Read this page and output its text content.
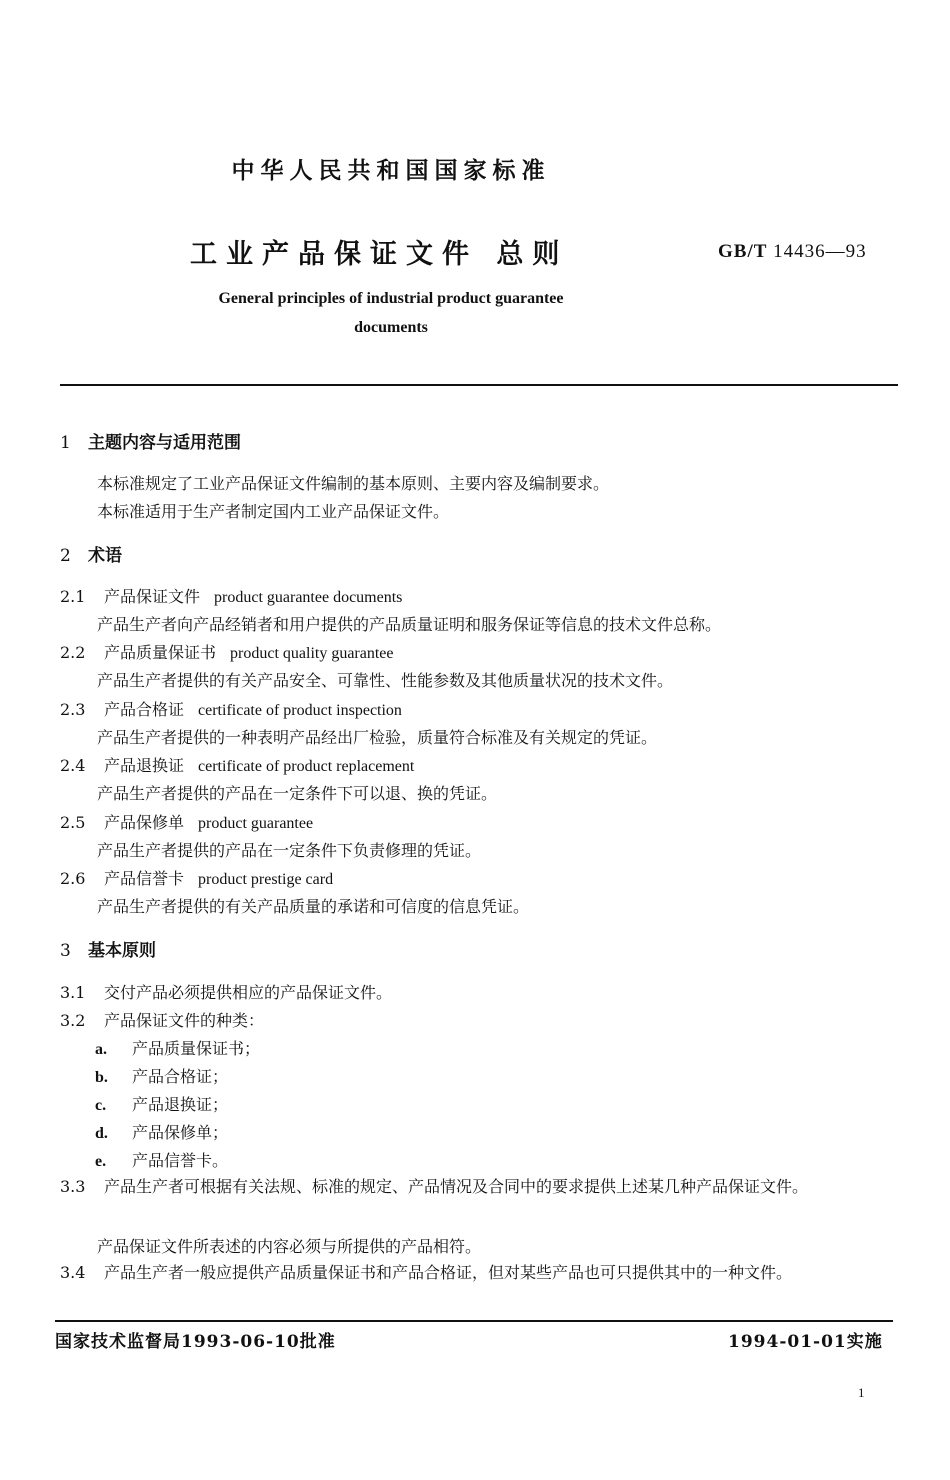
中华人民共和国国家标准
工业产品保证文件 总则	GB/T 14436—93
General principles of industrial product guarantee
documents
1 主题内容与适用范围
本标准规定了工业产品保证文件编制的基本原则、主要内容及编制要求。
本标准适用于生产者制定国内工业产品保证文件。
2 术语
2.1 产品保证文件 product guarantee documents
产品生产者向产品经销者和用户提供的产品质量证明和服务保证等信息的技术文件总称。
2.2 产品质量保证书 product quality guarantee
产品生产者提供的有关产品安全、可靠性、性能参数及其他质量状况的技术文件。
2.3 产品合格证 certificate of product inspection
产品生产者提供的一种表明产品经出厂检验，质量符合标准及有关规定的凭证。
2.4 产品退换证 certificate of product replacement
产品生产者提供的产品在一定条件下可以退、换的凭证。
2.5 产品保修单 product guarantee
产品生产者提供的产品在一定条件下负责修理的凭证。
2.6 产品信誉卡 product prestige card
产品生产者提供的有关产品质量的承诺和可信度的信息凭证。
3 基本原则
3.1 交付产品必须提供相应的产品保证文件。
3.2 产品保证文件的种类：
a. 产品质量保证书；
b. 产品合格证；
c. 产品退换证；
d. 产品保修单；
e. 产品信誉卡。
3.3 产品生产者可根据有关法规、标准的规定、产品情况及合同中的要求提供上述某几种产品保证文件。
产品保证文件所表述的内容必须与所提供的产品相符。
3.4 产品生产者一般应提供产品质量保证书和产品合格证，但对某些产品也可只提供其中的一种文件。
国家技术监督局1993-06-10批准	1994-01-01实施
1
